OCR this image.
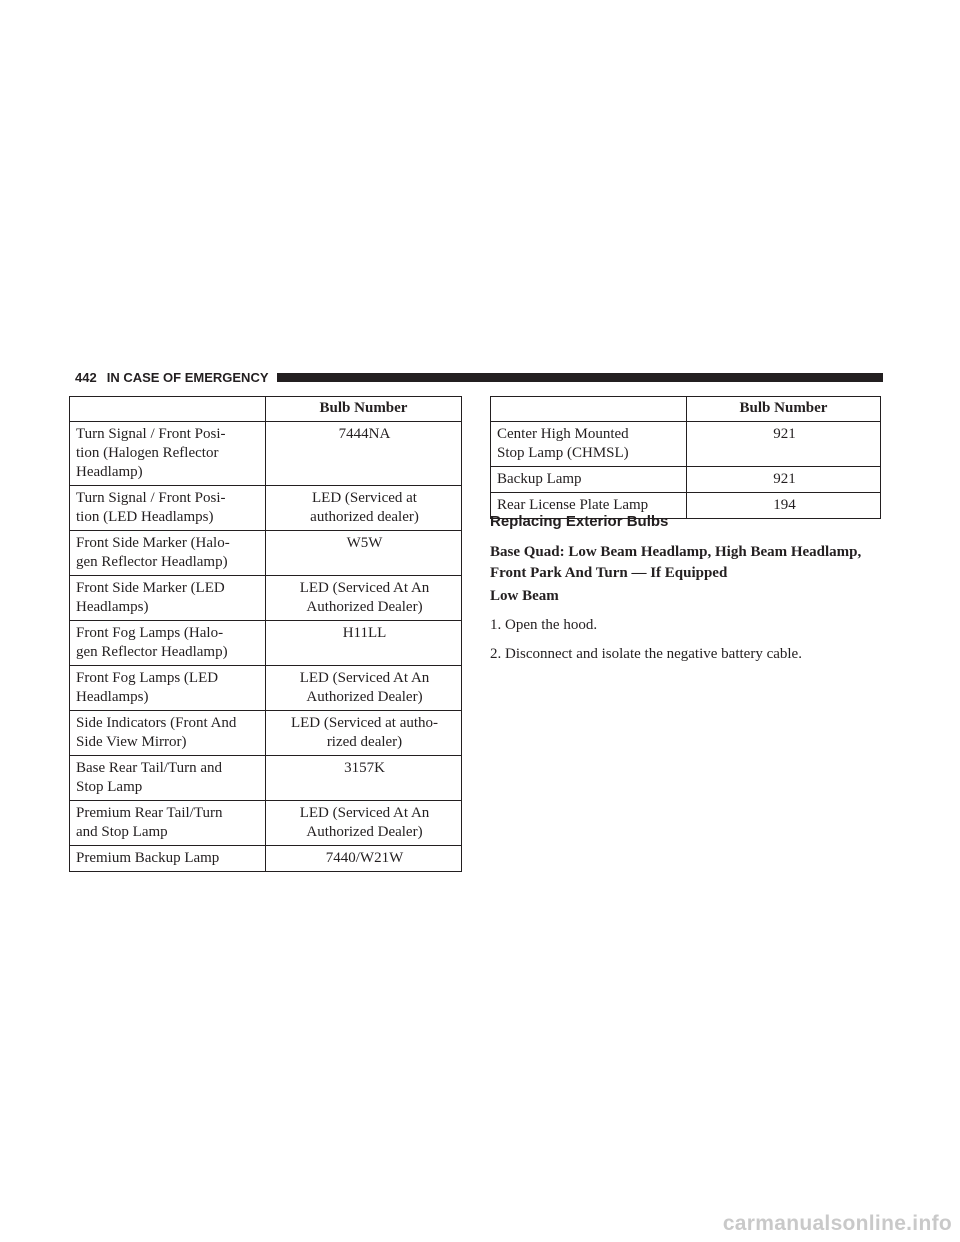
442 IN CASE OF EMERGENCY
	Bulb Number
Turn Signal / Front Posi-
tion (Halogen Reflector
Headlamp)	7444NA
Turn Signal / Front Posi-
tion (LED Headlamps)	LED (Serviced at
authorized dealer)
Front Side Marker (Halo-
gen Reflector Headlamp)	W5W
Front Side Marker (LED
Headlamps)	LED (Serviced At An
Authorized Dealer)
Front Fog Lamps (Halo-
gen Reflector Headlamp)	H11LL
Front Fog Lamps (LED
Headlamps)	LED (Serviced At An
Authorized Dealer)
Side Indicators (Front And
Side View Mirror)	LED (Serviced at autho-
rized dealer)
Base Rear Tail/Turn and
Stop Lamp	3157K
Premium Rear Tail/Turn
and Stop Lamp	LED (Serviced At An
Authorized Dealer)
Premium Backup Lamp	7440/W21W
	Bulb Number
Center High Mounted
Stop Lamp (CHMSL)	921
Backup Lamp	921
Rear License Plate Lamp	194
Replacing Exterior Bulbs
Base Quad: Low Beam Headlamp, High Beam Headlamp, Front Park And Turn — If Equipped
Low Beam
1. Open the hood.
2. Disconnect and isolate the negative battery cable.
carmanualsonline.info
